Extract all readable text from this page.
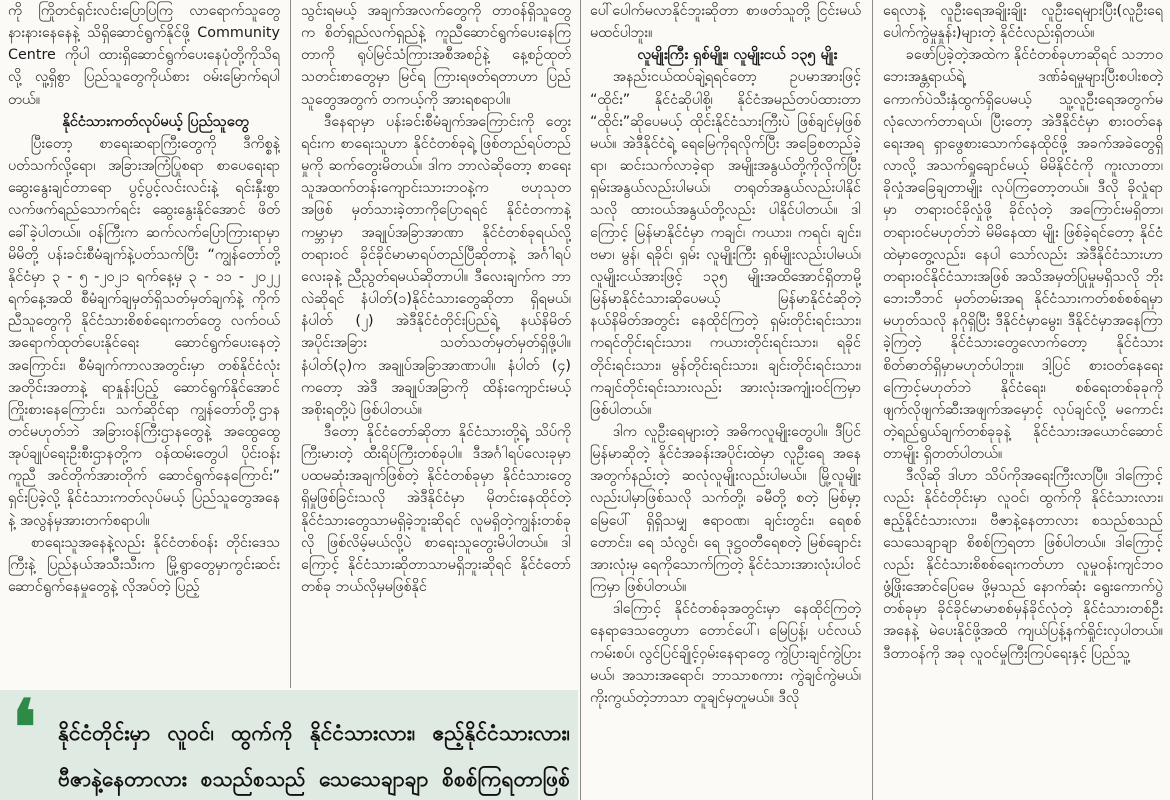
ကို ကြိုတင်ရှင်းလင်းပြောပြကြ လာရောက်သူတွေ နားနားနေနေနဲ့ သိရှိဆောင်ရွက်နိုင်ဖို့ Community Centre ကိုပါ ထားရှိဆောင်ရွက်ပေးနေပုံတို့ကိုသိရလို့ လူ့ရှိစွာ ပြည်သူတွေကိုယ်စား ဝမ်းမြောက်ရပါတယ်။

နိုင်ငံသားကတ်လုပ်မယ့် ပြည်သူတွေ

ပြီးတော့ စာရေးဆရာကြီးတွေကို ဒီကိစ္စနဲ့ ပတ်သက်လို့ရော၊ အခြားအကြံပြုစရာ စာပေရေးရာဆွေးနွေးချင်တာရော ပွင့်ပွင့်လင်းလင်းနဲ့ ရင်းနှီးစွာ လက်ဖက်ရည်သောက်ရင်း ဆွေးနွေးနိုင်အောင် ဖိတ်ခေါ်ခဲ့ပါတယ်။ ဝန်ကြီးက ဆက်လက်ပြောကြားရာမှာ မိမိတို့ ပန်းခင်းစီမံချက်နဲ့ပတ်သက်ပြီး “ကျွန်တော်တို့နိုင်ငံမှာ ၃ - ၅ -၂၀၂၁ ရက်နေ့မှ ၃ - ၁၁ - ၂၀၂၂ ရက်နေ့အထိ စီမံချက်ချမှတ်ရှိသတ်မှတ်ချက်နဲ့ ကိုက်ညီသူတွေကို နိုင်ငံသားစိစစ်ရေးကတ်တွေ လက်ဝယ်အရောက်ထုတ်ပေးနိုင်ရေး ဆောင်ရွက်ပေးနေတဲ့အကြောင်း၊ စီမံချက်ကာလအတွင်းမှာ တစ်နိုင်ငံလုံးအတိုင်းအတာနဲ့ ရာနှုန်းပြည့် ဆောင်ရွက်နိုင်အောင် ကြိုးစားနေကြောင်း၊ သက်ဆိုင်ရာ ကျွန်တော်တို့ဌာနတင်မဟုတ်ဘဲ အခြားဝန်ကြီးဌာနတွေနဲ့ အထွေထွေအုပ်ချုပ်ရေးဦးစီးဌာနတို့က ဝန်ထမ်းတွေပါ ပိုင်းဝန်းကူညီ အင်တိုက်အားတိုက် ဆောင်ရွက်နေကြောင်း” ရှင်းပြခဲ့လို့ နိုင်ငံသားကတ်လုပ်မယ့် ပြည်သူတွေအနေနဲ့ အလွန်မှအားတက်စရာပါ။

စာရေးသူအနေနဲ့လည်း နိုင်ငံတစ်ဝန်း တိုင်းဒေသကြီးနဲ့ ပြည်နယ်အသီးသီးက မြို့ရွာတွေမှာကွင်းဆင်းဆောင်ရွက်နေမှုတွေနဲ့ လိုအပ်တဲ့ ပြည့်

သွင်းရမယ့် အချက်အလက်တွေကို တာဝန်ရှိသူတွေက စိတ်ရှည်လက်ရှည်နဲ့ ကူညီဆောင်ရွက်ပေးနေကြတာကို ရုပ်မြင်သံကြားအစီအစဉ်နဲ့ နေ့စဉ်ထုတ် သတင်းစာတွေမှာ မြင်ရ ကြားရဖတ်ရတာဟာ ပြည်သူတွေအတွက် တကယ့်ကို အားရစရာပါ။

ဒီနေရာမှာ ပန်းခင်းစီမံချက်အကြောင်းကို တွေးရင်းက စာရေးသူဟာ နိုင်ငံတစ်ခုရဲ့ ဖြစ်တည်ရပ်တည်မှုကို ဆက်တွေးမိတယ်။ ဒါက ဘာလဲဆိုတော့ စာရေးသူအထက်တန်းကျောင်းသားဘဝနဲ့က ဗဟုသုတအဖြစ် မှတ်သားခဲ့တာကိုပြောရရင် နိုင်ငံတကာနဲ့ ကမ္ဘာမှာ အချုပ်အခြာအာဏာ နိုင်ငံတစ်ခုရယ်လို့ တရားဝင် ခိုင်ခိုင်မာမာရပ်တည်ပြီဆိုတာနဲ့ အင်္ဂါရပ်လေးခုနဲ့ ညီညွတ်ရမယ်ဆိုတာပါ။ ဒီလေးချက်က ဘာလဲဆိုရင် နံပါတ်(၁)နိုင်ငံသားတွေဆိုတာ ရှိရမယ်၊ နံပါတ် (၂) အဲဒီနိုင်ငံတိုင်းပြည်ရဲ့ နယ်နိမိတ်အပိုင်းအခြား သတ်သတ်မှတ်မှတ်ရှိဖို့ပါ။ နံပါတ်(၃)က အချုပ်အခြာအာဏာပါ။ နံပါတ် (၄) ကတော့ အဲဒီ အချုပ်အခြာကို ထိန်းကျောင်းမယ့် အစိုးရတို့ပဲ ဖြစ်ပါတယ်။

ဒီတော့ နိုင်ငံတော်ဆိုတာ နိုင်ငံသားတို့ရဲ့ သိပ်ကိုကြီးမားတဲ့ ထီးရိပ်ကြီးတစ်ခုပါ။ ဒီအင်္ဂါရပ်လေးခုမှာ ပထမဆုံးအချက်ဖြစ်တဲ့ နိုင်ငံတစ်ခုမှာ နိုင်ငံသားတွေရှိမှုဖြစ်ခြင်းသလို အဲဒီနိုင်ငံမှာ မိုတင်းနေထိုင်တဲ့ နိုင်ငံသားတွေသာမရှိခဲ့ဘူးဆိုရင် လူမရှိတဲ့ကျွန်းတစ်ခုလို ဖြစ်လိမ့်မယ်လို့ပဲ စာရေးသူတွေးမိပါတယ်။ ဒါကြောင့် နိုင်ငံသားဆိုတာသာမရှိဘူးဆိုရင် နိုင်ငံတော်တစ်ခု ဘယ်လိုမှမဖြစ်နိုင်

ပေါ်ပေါက်မလာနိုင်ဘူးဆိုတာ စာဖတ်သူတို့ ငြင်းမယ်မထင်ပါဘူး။

လူမျိုးကြီး ရှစ်မျိုး၊ လူမျိုးငယ် ၁၃၅ မျိုး

အနည်းငယ်ထပ်ချဲ့ရရင်တော့ ဥပမာအားဖြင့် “ထိုင်း” နိုင်ငံဆိုပါစို့၊ နိုင်ငံအမည်တပ်ထားတာ “ထိုင်း”ဆိုပေမယ့် ထိုင်းနိုင်ငံသားကြီးပဲ ဖြစ်ချင်မှဖြစ်မယ်။ အဲဒီနိုင်ငံရဲ့ ရေမြေကိုရလိုက်ပြီး အခြေစတည်ခဲ့ရာ၊ ဆင်းသက်လာခဲ့ရာ အမျိုးအနွယ်တို့ကိုလိုက်ပြီး ရှမ်းအနွယ်လည်းပါမယ်၊ တရုတ်အနွယ်လည်းပါနိုင်သလို ထားဝယ်အနွယ်တို့လည်း ပါနိုင်ပါတယ်။ ဒါကြောင့် မြန်မာနိုင်ငံမှာ ကချင်၊ ကယား၊ ကရင်၊ ချင်း၊ ဗမာ၊ မွန်၊ ရခိုင်၊ ရှမ်း လူမျိုးကြီး ရှစ်မျိုးလည်းပါမယ်၊ လူမျိုးငယ်အားဖြင့် ၁၃၅ မျိုးအထိအောင်ရှိတာမို့ မြန်မာနိုင်ငံသားဆိုပေမယ့် မြန်မာနိုင်ငံဆိုတဲ့ နယ်နိမိတ်အတွင်း နေထိုင်ကြတဲ့ ရှမ်းတိုင်းရင်းသား၊ ကရင်တိုင်းရင်းသား၊ ကယားတိုင်းရင်းသား၊ ရခိုင်တိုင်းရင်းသား၊ မွန်တိုင်းရင်းသား၊ ချင်းတိုင်းရင်းသား၊ ကချင်တိုင်းရင်းသားလည်း အားလုံးအကျုံးဝင်ကြမှာ ဖြစ်ပါတယ်။

ဒါက လူဦးရေများတဲ့ အဓိကလူမျိုးတွေပါ။ ဒီပြင် မြန်မာဆိုတဲ့ နိုင်ငံအခန်းအပိုင်းထဲမှာ လူဦးရေ အနေအတွက်နည်းတဲ့ ဆလုံလူမျိုးလည်းပါမယ်။ မြို့လူမျိုးလည်းပါမှာဖြစ်သလို သက်တို့၊ ခမီတို့ စတဲ့ မြစ်မှာ့မြေပေါ် ရှိရှိသမျှ ဧရာဝဏ၊ ချင်းတွင်း၊ ရေစစ် တောင်း၊ ရေ သံလွင်၊ ရေ ဒုဋ္ဌဝတီရေစတဲ့ မြစ်ချောင်းအားလုံးမှ ရေကိုသောက်ကြတဲ့ နိုင်ငံသားအားလုံးပါဝင်ကြမှာ ဖြစ်ပါတယ်။

ဒါကြောင့် နိုင်ငံတစ်ခုအတွင်းမှာ နေထိုင်ကြတဲ့ နေရာဒေသတွေဟာ တောင်ပေါ်၊ မြေပြန့်၊ ပင်လယ်ကမ်းစပ်၊ လွင်ပြင်ချိုင့်ဝှမ်းနေရာတွေ ကွဲပြားချင်ကွဲပြားမယ်၊ အသားအရောင်၊ ဘာသာစကား ကွဲချင်ကွဲမယ်၊ ကိုးကွယ်တဲ့ဘာသာ တူချင်မှတူမယ်။ ဒီလို

ရေလာနဲ့ လူဦးရေအချိုးချိုး လူဦးရေများပြီး(လူဦးရေ ပေါက်ကွဲမှုနှုန်း)များတဲ့ နိုင်ငံလည်းရှိတယ်။

ခဖော်ပြခဲ့တဲ့အထဲက နိုင်ငံတစ်ခုဟာဆိုရင် သဘာဝဘေးအန္တရာယ်ရဲ့ ဒဏ်ခံရမှုများပြီးစပါးစတဲ့ ကောက်ပဲသီးနှံထွက်ရှိပေမယ့် သူ့လူဦးရေအတွက်မလုံလောက်တာရယ်၊ ပြီးတော့ အဲဒီနိုင်ငံမှာ စားဝတ်နေရေးအရ ရှာဖွေစားသောက်နေထိုင်ဖို့ အခက်အခဲတွေရှိလာလို့ အသက်ရှုချောင်မယ့် မိမိနိုင်ငံကို ကူးလာတာ၊ ခိုလှုံအခြေချတာမျိုး လုပ်ကြတော့တယ်။ ဒီလို ခိုလှုံရာမှာ တရားဝင်ခိုလှုံဖို့ ခိုင်လုံတဲ့ အကြောင်းမရှိတာ၊ တရားဝင်မဟုတ်ဘဲ မိမိနေထာ မျိုး ဖြစ်ခဲ့ရင်တော့ နိုင်ငံထဲမှာတွေ့လည်း၊ နေပါ သော်လည်း အဲဒီနိုင်ငံသားဟာ တရားဝင်နိုင်ငံသားအဖြစ် အသိအမှတ်ပြုမှုမရှိသလို ဘိုးဘေးဘီဘင် မှတ်တမ်းအရ နိုင်ငံသားကတ်စစ်စစ်ရမှာ မဟုတ်သလို နဂိုရှိပြီး ဒီနိုင်ငံမှာမွေး၊ ဒီနိုင်ငံမှာအနေကြာခဲ့ကြတဲ့ နိုင်ငံသားတွေလောက်တော့ နိုင်ငံသားစိတ်ဓာတ်ရှိမှာမဟုတ်ပါဘူး။ ဒါ့ပြင် စားဝတ်နေရေးကြောင့်မဟုတ်ဘဲ နိုင်ငံရေး၊ စစ်ရေးတစ်ခုခုကိုဖျက်လိုဖျက်ဆီးအဖျက်အမှောင့် လုပ်ချင်လို့ မကောင်းတဲ့ရည်ရွယ်ချက်တစ်ခုခုနဲ့ နိုင်ငံသားအယောင်ဆောင်တာမျိုး ရှိတတ်ပါတယ်။

ဒီလိုဆို ဒါဟာ သိပ်ကိုအရေးကြီးလာပြီ။ ဒါကြောင့်လည်း နိုင်ငံတိုင်းမှာ လူဝင်၊ ထွက်ကို နိုင်ငံသားလား၊ ဧည့်နိုင်ငံသားလား၊ ဗီဇာနဲ့နေတာလား စသည်စသည် သေသေချာချာ စိစစ်ကြရတာ ဖြစ်ပါတယ်။ ဒါကြောင့်လည်း နိုင်ငံသားစိစစ်ရေးကတ်ဟာ လူမှုဝန်းကျင်ဘဝ ဖွံ့ဖြိုးအောင်ပြေမေ ဖို့မှသည် နောက်ဆုံး ရွေးကောက်ပွဲတစ်ခုမှာ ခိုင်ခိုင်မာမာစစ်မှန်ခိုင်လုံတဲ့ နိုင်ငံသားတစ်ဦးအနေနဲ့ မဲပေးနိုင်ဖို့အထိ ကျယ်ပြန့်နက်ရှိုင်းလှပါတယ်။ ဒီတာဝန်ကို အခု လူဝင်မှုကြီးကြပ်ရေးနှင့် ပြည်သူ့

❛ နိုင်ငံတိုင်းမှာ လူဝင်၊ ထွက်ကို နိုင်ငံသားလား၊ ဧည့်နိုင်ငံသားလား၊ ဗီဇာနဲ့နေတာလား စသည်စသည် သေသေချာချာ စိစစ်ကြရတာဖြစ်
